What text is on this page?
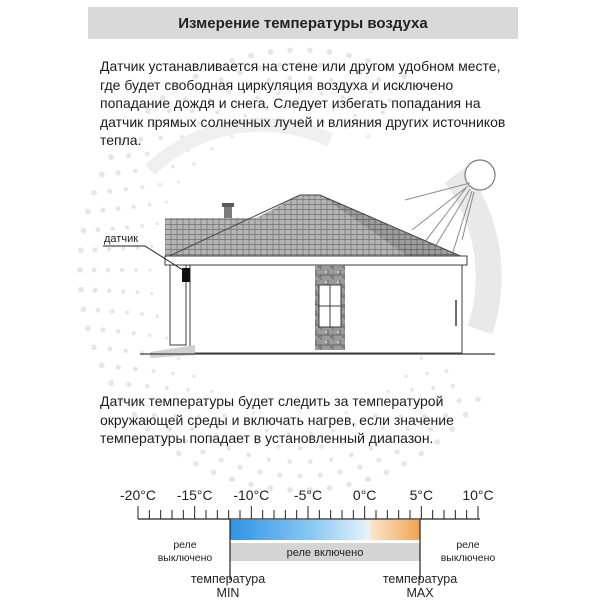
Измерение температуры воздуха
Датчик устанавливается на стене или другом удобном месте, где будет свободная циркуляция воздуха и исключено попадание дождя и снега. Следует избегать попадания на датчик прямых солнечных лучей и влияния других источников тепла.
датчик
Датчик температуры будет следить за температурой окружающей среды и включать нагрев, если значение температуры попадает в установленный диапазон.
-20°C -15°C -10°C -5°C 0°C 5°C 10°C
реле включено
реле
выключено
реле
выключено
температура
MIN
температура
MAX
